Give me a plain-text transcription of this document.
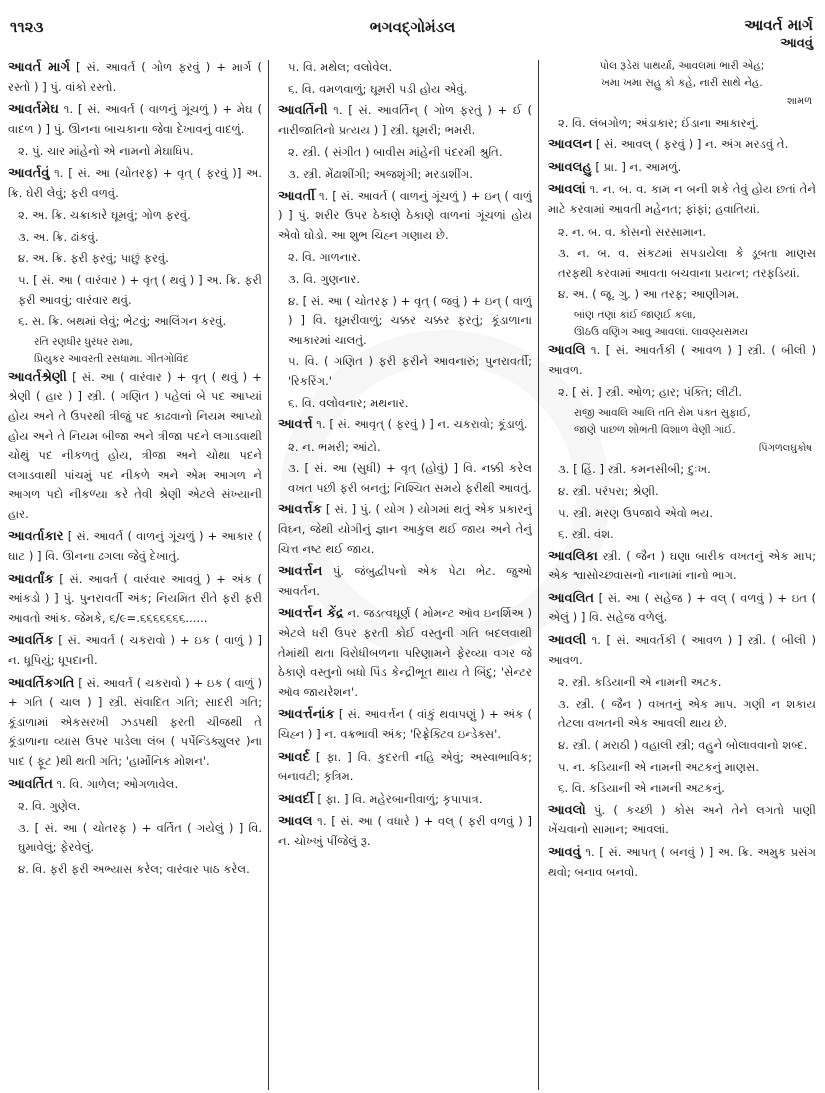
૧૧૨૩	ભગવદ્ગોમંડલ	આવર્ત માર્ગ
આવવું

આવર્ત માર્ગ [ સં. આવર્ત ( ગોળ ફરવું ) + માર્ગ ( રસ્તો ) ] પું. વાંકો રસ્તો.

આવર્તમેઘ ૧. [ સં. આવર્ત ( વાળનું ગૂંચળું ) + મેઘ ( વાદળ ) ] પું. ઊનના બાચકાના જેવા દેખાવનું વાદળું.

૨. પું. ચાર માંહેનો એ નામનો મેઘાધિપ.

આવર્તવું ૧. [ સં. આ (ચોતરફ) + વૃત્ ( ફરવું )] અ. ક્રિ. ઘેરી લેવું; ફરી વળવું.

૨. અ. ક્રિ. ચક્રાકારે ઘૂમવું; ગોળ ફરવું.

૩. અ. ક્રિ. ઢાંકવું.

૪. અ. ક્રિ. ફરી ફરવું; પાછું ફરવું.

૫. [ સં. આ ( વારંવાર ) + વૃત્ ( થવું ) ] અ. ક્રિ. ફરી ફરી આવવું; વારંવાર થવું.

૬. સ. ક્રિ. બથમાં લેવું; ભેટવું; આલિંગન કરવું.

રતિ રણધીર ધુરંધર રામા,

પ્રિયુકર આવરતી રસધામા. ગીતગોવિંદ

આવર્તશ્રેણી [ સં. આ ( વારંવાર ) + વૃત્ ( થવું ) + શ્રેણી ( હાર ) ] સ્ત્રી. ( ગણિત ) પહેલાં બે પદ આપ્યાં હોય અને તે ઉપરથી ત્રીજું પદ કાઢવાનો નિયમ આપ્યો હોય અને તે નિયમ બીજા અને ત્રીજા પદને લગાડવાથી ચોથું પદ નીકળતું હોય, ત્રીજા અને ચોથા પદને લગાડવાથી પાંચમું પદ નીકળે અને એમ આગળ ને આગળ પદો નીકળ્યા કરે તેવી શ્રેણી એટલે સંખ્યાની હાર.

આવર્તાકાર [ સં. આવર્ત ( વાળનું ગૂંચળું ) + આકાર ( ઘાટ ) ] વિ. ઊનના ઢગલા જેવું દેખાતું.

આવર્તાંક [ સં. આવર્ત ( વારંવાર આવવું ) + અંક ( આંકડો ) ] પું. પુનરાવર્તી અંક; નિયમિત રીતે ફરી ફરી આવતો આંક. જેમકે, ૬/૯=.૬૬૬૬૬૬૬......

આવર્તિક [ સં. આવર્ત ( ચકરાવો ) + ઇક ( વાળું ) ] ન. ધૂપિયું; ધૂપદાની.

આવર્તિકગતિ [ સં. આવર્ત ( ચકરાવો ) + ઇક ( વાળું ) + ગતિ ( ચાલ ) ] સ્ત્રી. સંવાદિત ગતિ; સાદરી ગતિ; કૂંડાળામાં એકસરખી ઝડપથી ફરતી ચીજથી તે કૂંડાળાના વ્યાસ ઉપર પાડેલા લંબ ( પર્પેન્ડિક્યુલર )ના પાદ ( ફૂટ )થી થતી ગતિ; 'હાર્મોનિક મોશન'.

આવર્તિત ૧. વિ. ગાળેલ; ઓગળાવેલ.

૨. વિ. ગુણેલ.

૩. [ સં. આ ( ચોતરફ ) + વર્તિત ( ગયેલું ) ] વિ. ઘુમાવેલું; ફેરવેલું.

૪. વિ. ફરી ફરી અભ્યાસ કરેલ; વારંવાર પાઠ કરેલ.

૫. વિ. મથેલ; વલોવેલ.

૬. વિ. વમળવાળું; ઘૂમરી પડી હોય એવું.

આવર્તિની ૧. [ સં. આવર્તિન્ ( ગોળ ફરતું ) + ઈ ( નારીજાતિનો પ્રત્યય ) ] સ્ત્રી. ઘૂમરી; ભમરી.

૨. સ્ત્રી. ( સંગીત ) બાવીસ માંહેની પંદરમી શ્રુતિ.

૩. સ્ત્રી. મેંઢાશીંગી; અજશૃંગી; મરડાશીંગ.

આવર્તી ૧. [ સં. આવર્ત ( વાળનું ગૂંચળું ) + ઇન્ ( વાળું ) ] પું. શરીર ઉપર ઠેકાણે ઠેકાણે વાળનાં ગૂંચળાં હોય એવો ઘોડો. આ શુભ ચિહ્ન ગણાય છે.

૨. વિ. ગાળનાર.

૩. વિ. ગુણનાર.

૪. [ સં. આ ( ચોતરફ ) + વૃત્ ( જવું ) + ઇન્ ( વાળું ) ] વિ. ઘૂમરીવાળું; ચક્કર ચક્કર ફરતું; કૂંડાળાના આકારમાં ચાલતું.

૫. વિ. ( ગણિત ) ફરી ફરીને આવનારું; પુનરાવર્તી; 'રિકરિંગ.'

૬. વિ. વલોવનાર; મથનાર.

આવર્ત્ત ૧. [ સં. આવૃત્ ( ફરવું ) ] ન. ચકરાવો; કૂંડાળું.

૨. ન. ભમરી; આંટો.

૩. [ સં. આ (સુધી) + વૃત્ (હોવું) ] વિ. નક્કી કરેલ વખત પછી ફરી બનતું; નિશ્ચિત સમયે ફરીથી આવતું.

આવર્ત્તક [ સં. ] પું. ( યોગ ) યોગમાં થતું એક પ્રકારનું વિઘ્ન, જેથી યોગીનું જ્ઞાન આકુલ થઈ જાય અને તેનું ચિત્ત નષ્ટ થઈ જાય.

આવર્ત્તન પું. જંબુદ્વીપનો એક પેટા ભેટ. જુઓ આવર્તન.

આવર્ત્તન કેંદ્ર ન. જડત્વઘૂર્ણ ( મોમન્ટ ઑવ ઇનર્શિઅ ) એટલે ધરી ઉપર ફરતી કોઈ વસ્તુની ગતિ બદલવાથી તેમાંથી થતા વિરોધીબળના પરિણામને ફેરવ્યા વગર જે ઠેકાણે વસ્તુનો બધો પિંડ કેન્દ્રીભૂત થાય તે બિંદુ; 'સેન્ટર ઑવ જાયરેશન'.

આવર્ત્તનાંક [ સં. આવર્ત્તન ( વાંકું થવાપણું ) + અંક ( ચિહ્ન ) ] ન. વક્રભાવી અંક; 'રિફ્રેક્ટિવ ઇન્ડેક્સ'.

આવર્દ [ ફા. ] વિ. કુદરતી નહિ એવું; અસ્વાભાવિક; બનાવટી; કૃત્રિમ.

આવર્દી [ ફા. ] વિ. મહેરબાનીવાળું; કૃપાપાત્ર.

આવલ ૧. [ સં. આ ( વધારે ) + વલ્ ( ફરી વળવું ) ] ન. ચોખ્ખું પીંજેલું રૂ.

પોલ રૂડેરાં પાથર્યાં, આવલમાં ભારી એહ;

ખમા ખમા સહુ કો કહે, નારી સાથે નેહ.

શામળ

૨. વિ. લંબગોળ; અંડાકાર; ઈંડાના આકારનું.

આવલન [ સં. આવલ્ ( ફરવું ) ] ન. અંગ મરડવું તે.

આવલહુ [ પ્રા. ] ન. આમળું.

આવલાં ૧. ન. બ. વ. કામ ન બની શકે તેવું હોય છતાં તેને માટે કરવામાં આવતી મહેનત; ફાંફાં; હવાતિયાં.

૨. ન. બ. વ. કોસનો સરસામાન.

૩. ન. બ. વ. સંકટમાં સપડાયેલા કે ડૂબતા માણસ તરફથી કરવામાં આવતા બચવાના પ્રયત્ન; તરફડિયાં.

૪. અ. ( જૂ. ગુ. ) આ તરફ; આણીગમ.

બાંણ તણાં કાંઈ જાણઈ કલા,

ઊઠઉ વણિગ આવુ આવલાં. લાવણ્યસમય

આવલિ ૧. [ સં. આવર્તકી ( આવળ ) ] સ્ત્રી. ( બીલી ) આવળ.

૨. [ સં. ] સ્ત્રી. ઓળ; હાર; પંક્તિ; લીટી.

રાજી આવલિ આલિ તતિ રોમ પંક્ત સુફાઈ,

જાણે પાછળ શોભતી વિશાળ વેણી ગાંઈ.

પિંગળલઘુકોષ

૩. [ હિં. ] સ્ત્રી. કમનસીબી; દુઃખ.

૪. સ્ત્રી. પરંપરા; શ્રેણી.

૫. સ્ત્રી. મરણ ઉપજાવે એવો ભય.

૬. સ્ત્રી. વંશ.

આવલિકા સ્ત્રી. ( જૈન ) ઘણા બારીક વખતનું એક માપ; એક શ્વાસોચ્છ્વાસનો નાનામાં નાનો ભાગ.

આવલિત [ સં. આ ( સહેજ ) + વલ્ ( વળવું ) + ઇત ( એલું ) ] વિ. સહેજ વળેલું.

આવલી ૧. [ સં. આવર્તકી ( આવળ ) ] સ્ત્રી. ( બીલી ) આવળ.

૨. સ્ત્રી. કડિયાની એ નામની અટક.

૩. સ્ત્રી. ( જૈન ) વખતનું એક માપ. ગણી ન શકાય તેટલા વખતની એક આવલી થાય છે.

૪. સ્ત્રી. ( મરાઠી ) વહાલી સ્ત્રી; વહુને બોલાવવાનો શબ્દ.

૫. ન. કડિયાની એ નામની અટકનું માણસ.

૬. વિ. કડિયાની એ નામની અટકનું.

આવલો પું. ( કચ્છી ) કોસ અને તેને લગતો પાણી ખેંચવાનો સામાન; આવલાં.

આવવું ૧. [ સં. આપત્ ( બનવું ) ] અ. ક્રિ. અમુક પ્રસંગ થવો; બનાવ બનવો.
